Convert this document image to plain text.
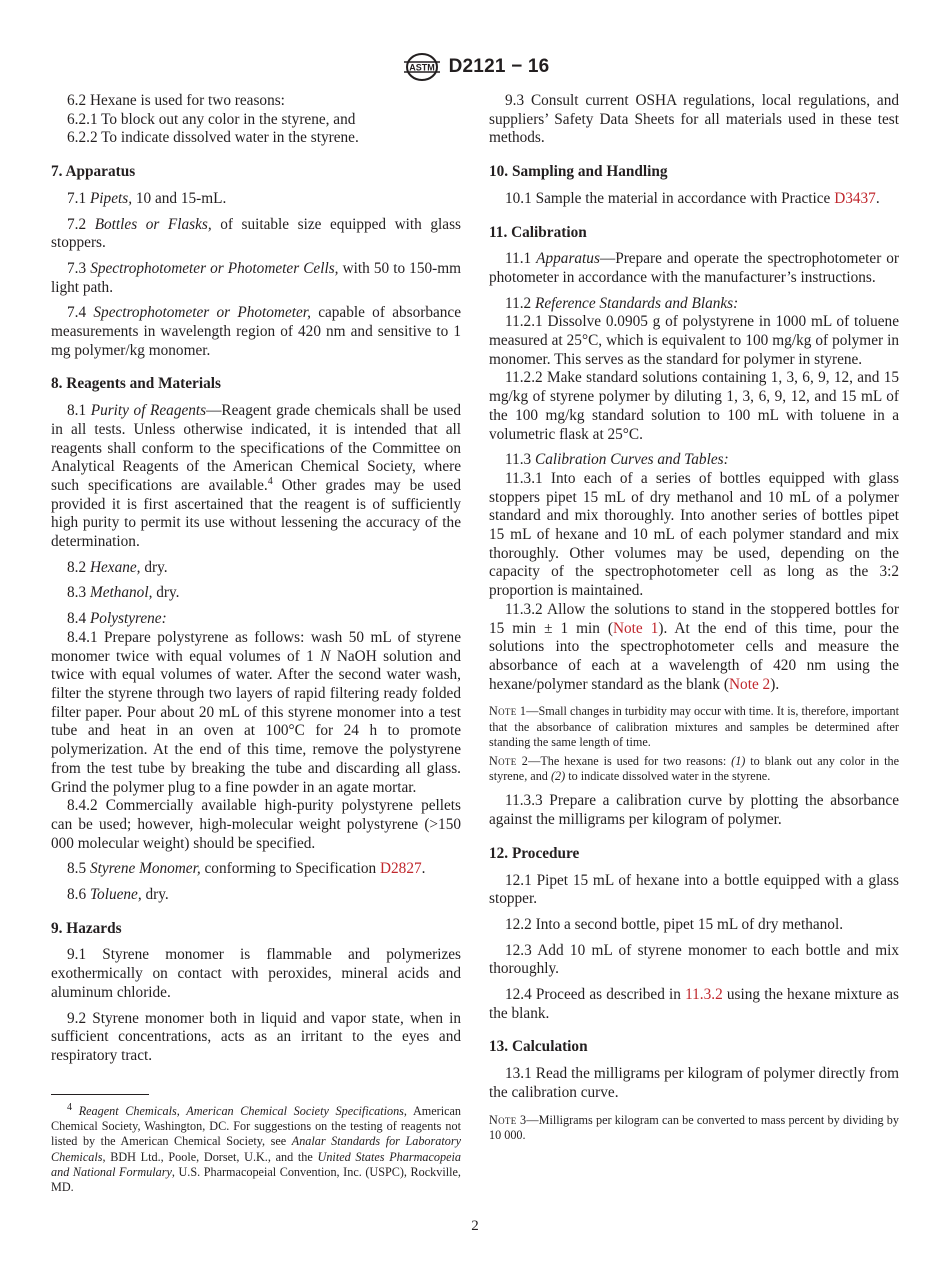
ASTM D2121 − 16

6.2 Hexane is used for two reasons:

6.2.1 To block out any color in the styrene, and

6.2.2 To indicate dissolved water in the styrene.

7. Apparatus

7.1 Pipets, 10 and 15-mL.

7.2 Bottles or Flasks, of suitable size equipped with glass stoppers.

7.3 Spectrophotometer or Photometer Cells, with 50 to 150-mm light path.

7.4 Spectrophotometer or Photometer, capable of absorbance measurements in wavelength region of 420 nm and sensitive to 1 mg polymer/kg monomer.

8. Reagents and Materials

8.1 Purity of Reagents—Reagent grade chemicals shall be used in all tests. Unless otherwise indicated, it is intended that all reagents shall conform to the specifications of the Committee on Analytical Reagents of the American Chemical Society, where such specifications are available.$^4$ Other grades may be used provided it is first ascertained that the reagent is of sufficiently high purity to permit its use without lessening the accuracy of the determination.

8.2 Hexane, dry.

8.3 Methanol, dry.

8.4 Polystyrene:

8.4.1 Prepare polystyrene as follows: wash 50 mL of styrene monomer twice with equal volumes of 1 N NaOH solution and twice with equal volumes of water. After the second water wash, filter the styrene through two layers of rapid filtering ready folded filter paper. Pour about 20 mL of this styrene monomer into a test tube and heat in an oven at 100°C for 24 h to promote polymerization. At the end of this time, remove the polystyrene from the test tube by breaking the tube and discarding all glass. Grind the polymer plug to a fine powder in an agate mortar.

8.4.2 Commercially available high-purity polystyrene pellets can be used; however, high-molecular weight polystyrene (>150 000 molecular weight) should be specified.

8.5 Styrene Monomer, conforming to Specification D2827.

8.6 Toluene, dry.

9. Hazards

9.1 Styrene monomer is flammable and polymerizes exothermically on contact with peroxides, mineral acids and aluminum chloride.

9.2 Styrene monomer both in liquid and vapor state, when in sufficient concentrations, acts as an irritant to the eyes and respiratory tract.

$^4$ Reagent Chemicals, American Chemical Society Specifications, American Chemical Society, Washington, DC. For suggestions on the testing of reagents not listed by the American Chemical Society, see Analar Standards for Laboratory Chemicals, BDH Ltd., Poole, Dorset, U.K., and the United States Pharmacopeia and National Formulary, U.S. Pharmacopeial Convention, Inc. (USPC), Rockville, MD.

9.3 Consult current OSHA regulations, local regulations, and suppliers’ Safety Data Sheets for all materials used in these test methods.

10. Sampling and Handling

10.1 Sample the material in accordance with Practice D3437.

11. Calibration

11.1 Apparatus—Prepare and operate the spectrophotometer or photometer in accordance with the manufacturer’s instructions.

11.2 Reference Standards and Blanks:

11.2.1 Dissolve 0.0905 g of polystyrene in 1000 mL of toluene measured at 25°C, which is equivalent to 100 mg/kg of polymer in monomer. This serves as the standard for polymer in styrene.

11.2.2 Make standard solutions containing 1, 3, 6, 9, 12, and 15 mg/kg of styrene polymer by diluting 1, 3, 6, 9, 12, and 15 mL of the 100 mg/kg standard solution to 100 mL with toluene in a volumetric flask at 25°C.

11.3 Calibration Curves and Tables:

11.3.1 Into each of a series of bottles equipped with glass stoppers pipet 15 mL of dry methanol and 10 mL of a polymer standard and mix thoroughly. Into another series of bottles pipet 15 mL of hexane and 10 mL of each polymer standard and mix thoroughly. Other volumes may be used, depending on the capacity of the spectrophotometer cell as long as the 3:2 proportion is maintained.

11.3.2 Allow the solutions to stand in the stoppered bottles for 15 min ± 1 min (Note 1). At the end of this time, pour the solutions into the spectrophotometer cells and measure the absorbance of each at a wavelength of 420 nm using the hexane/polymer standard as the blank (Note 2).

Note 1—Small changes in turbidity may occur with time. It is, therefore, important that the absorbance of calibration mixtures and samples be determined after standing the same length of time.

Note 2—The hexane is used for two reasons: (1) to blank out any color in the styrene, and (2) to indicate dissolved water in the styrene.

11.3.3 Prepare a calibration curve by plotting the absorbance against the milligrams per kilogram of polymer.

12. Procedure

12.1 Pipet 15 mL of hexane into a bottle equipped with a glass stopper.

12.2 Into a second bottle, pipet 15 mL of dry methanol.

12.3 Add 10 mL of styrene monomer to each bottle and mix thoroughly.

12.4 Proceed as described in 11.3.2 using the hexane mixture as the blank.

13. Calculation

13.1 Read the milligrams per kilogram of polymer directly from the calibration curve.

Note 3—Milligrams per kilogram can be converted to mass percent by dividing by 10 000.

2
